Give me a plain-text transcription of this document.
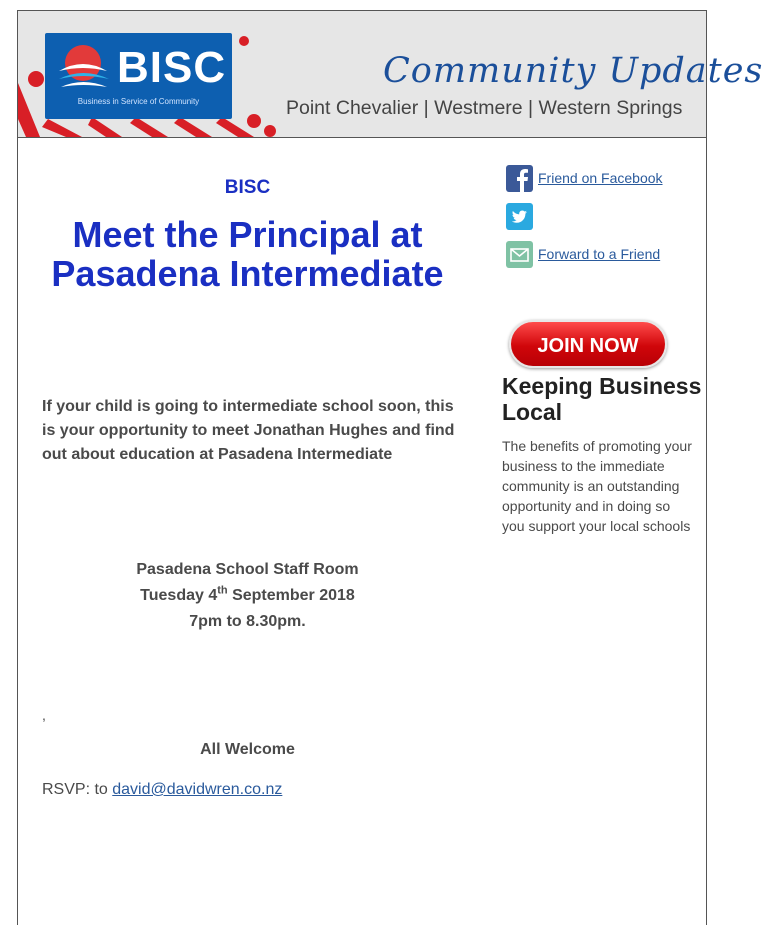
BISC
Business in Service of Community
Community Updates
Point Chevalier | Westmere | Western Springs
BISC
Meet the Principal at Pasadena Intermediate
If your child is going to intermediate school soon, this is your opportunity to meet Jonathan Hughes and find out about education at Pasadena Intermediate
Pasadena School Staff Room
Tuesday 4th September 2018
7pm to 8.30pm.
,
All Welcome
RSVP: to david@davidwren.co.nz
Friend on Facebook
Forward to a Friend
JOIN NOW
Keeping Business Local
The benefits of promoting your business to the immediate community is an outstanding opportunity and in doing so you support your local schools
